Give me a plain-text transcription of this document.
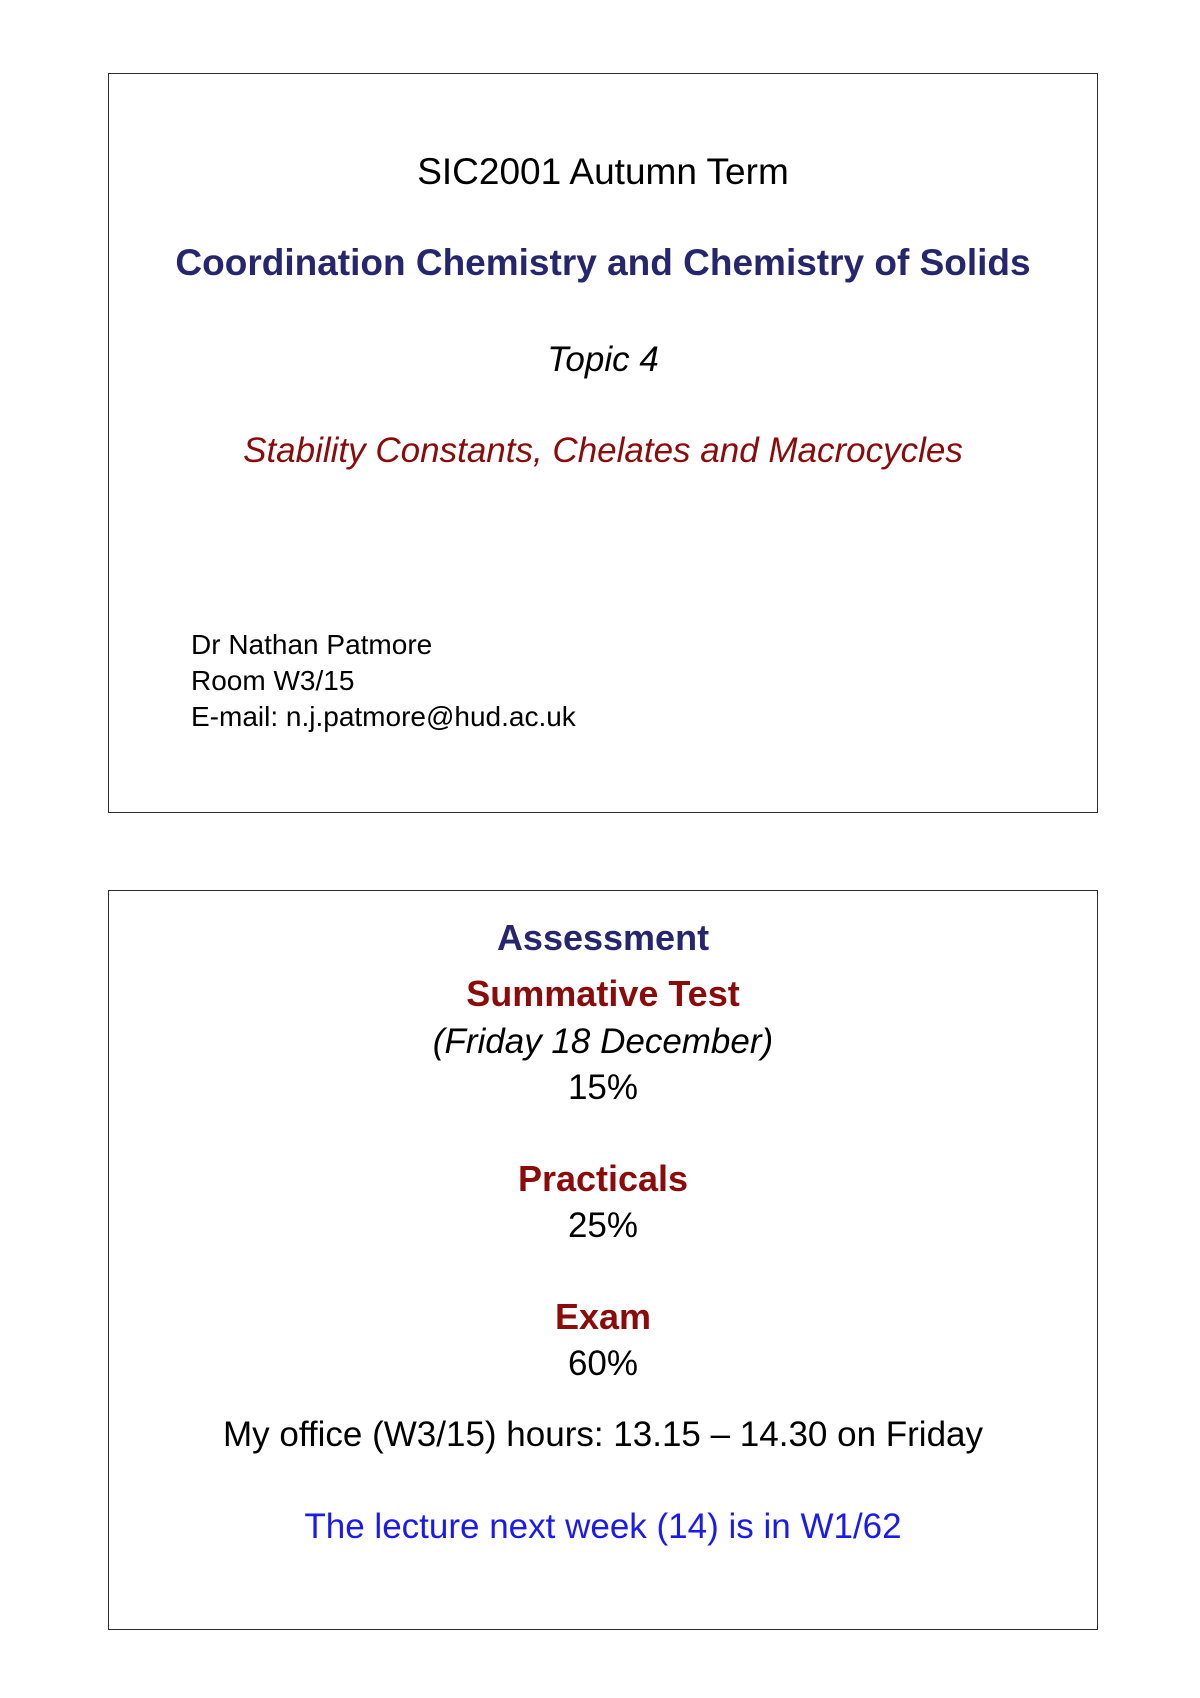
SIC2001 Autumn Term
Coordination Chemistry and Chemistry of Solids
Topic 4
Stability Constants, Chelates and Macrocycles
Dr Nathan Patmore
Room W3/15
E-mail: n.j.patmore@hud.ac.uk
Assessment
Summative Test
(Friday 18 December)
15%
Practicals
25%
Exam
60%
My office (W3/15) hours: 13.15 – 14.30 on Friday
The lecture next week (14) is in W1/62
